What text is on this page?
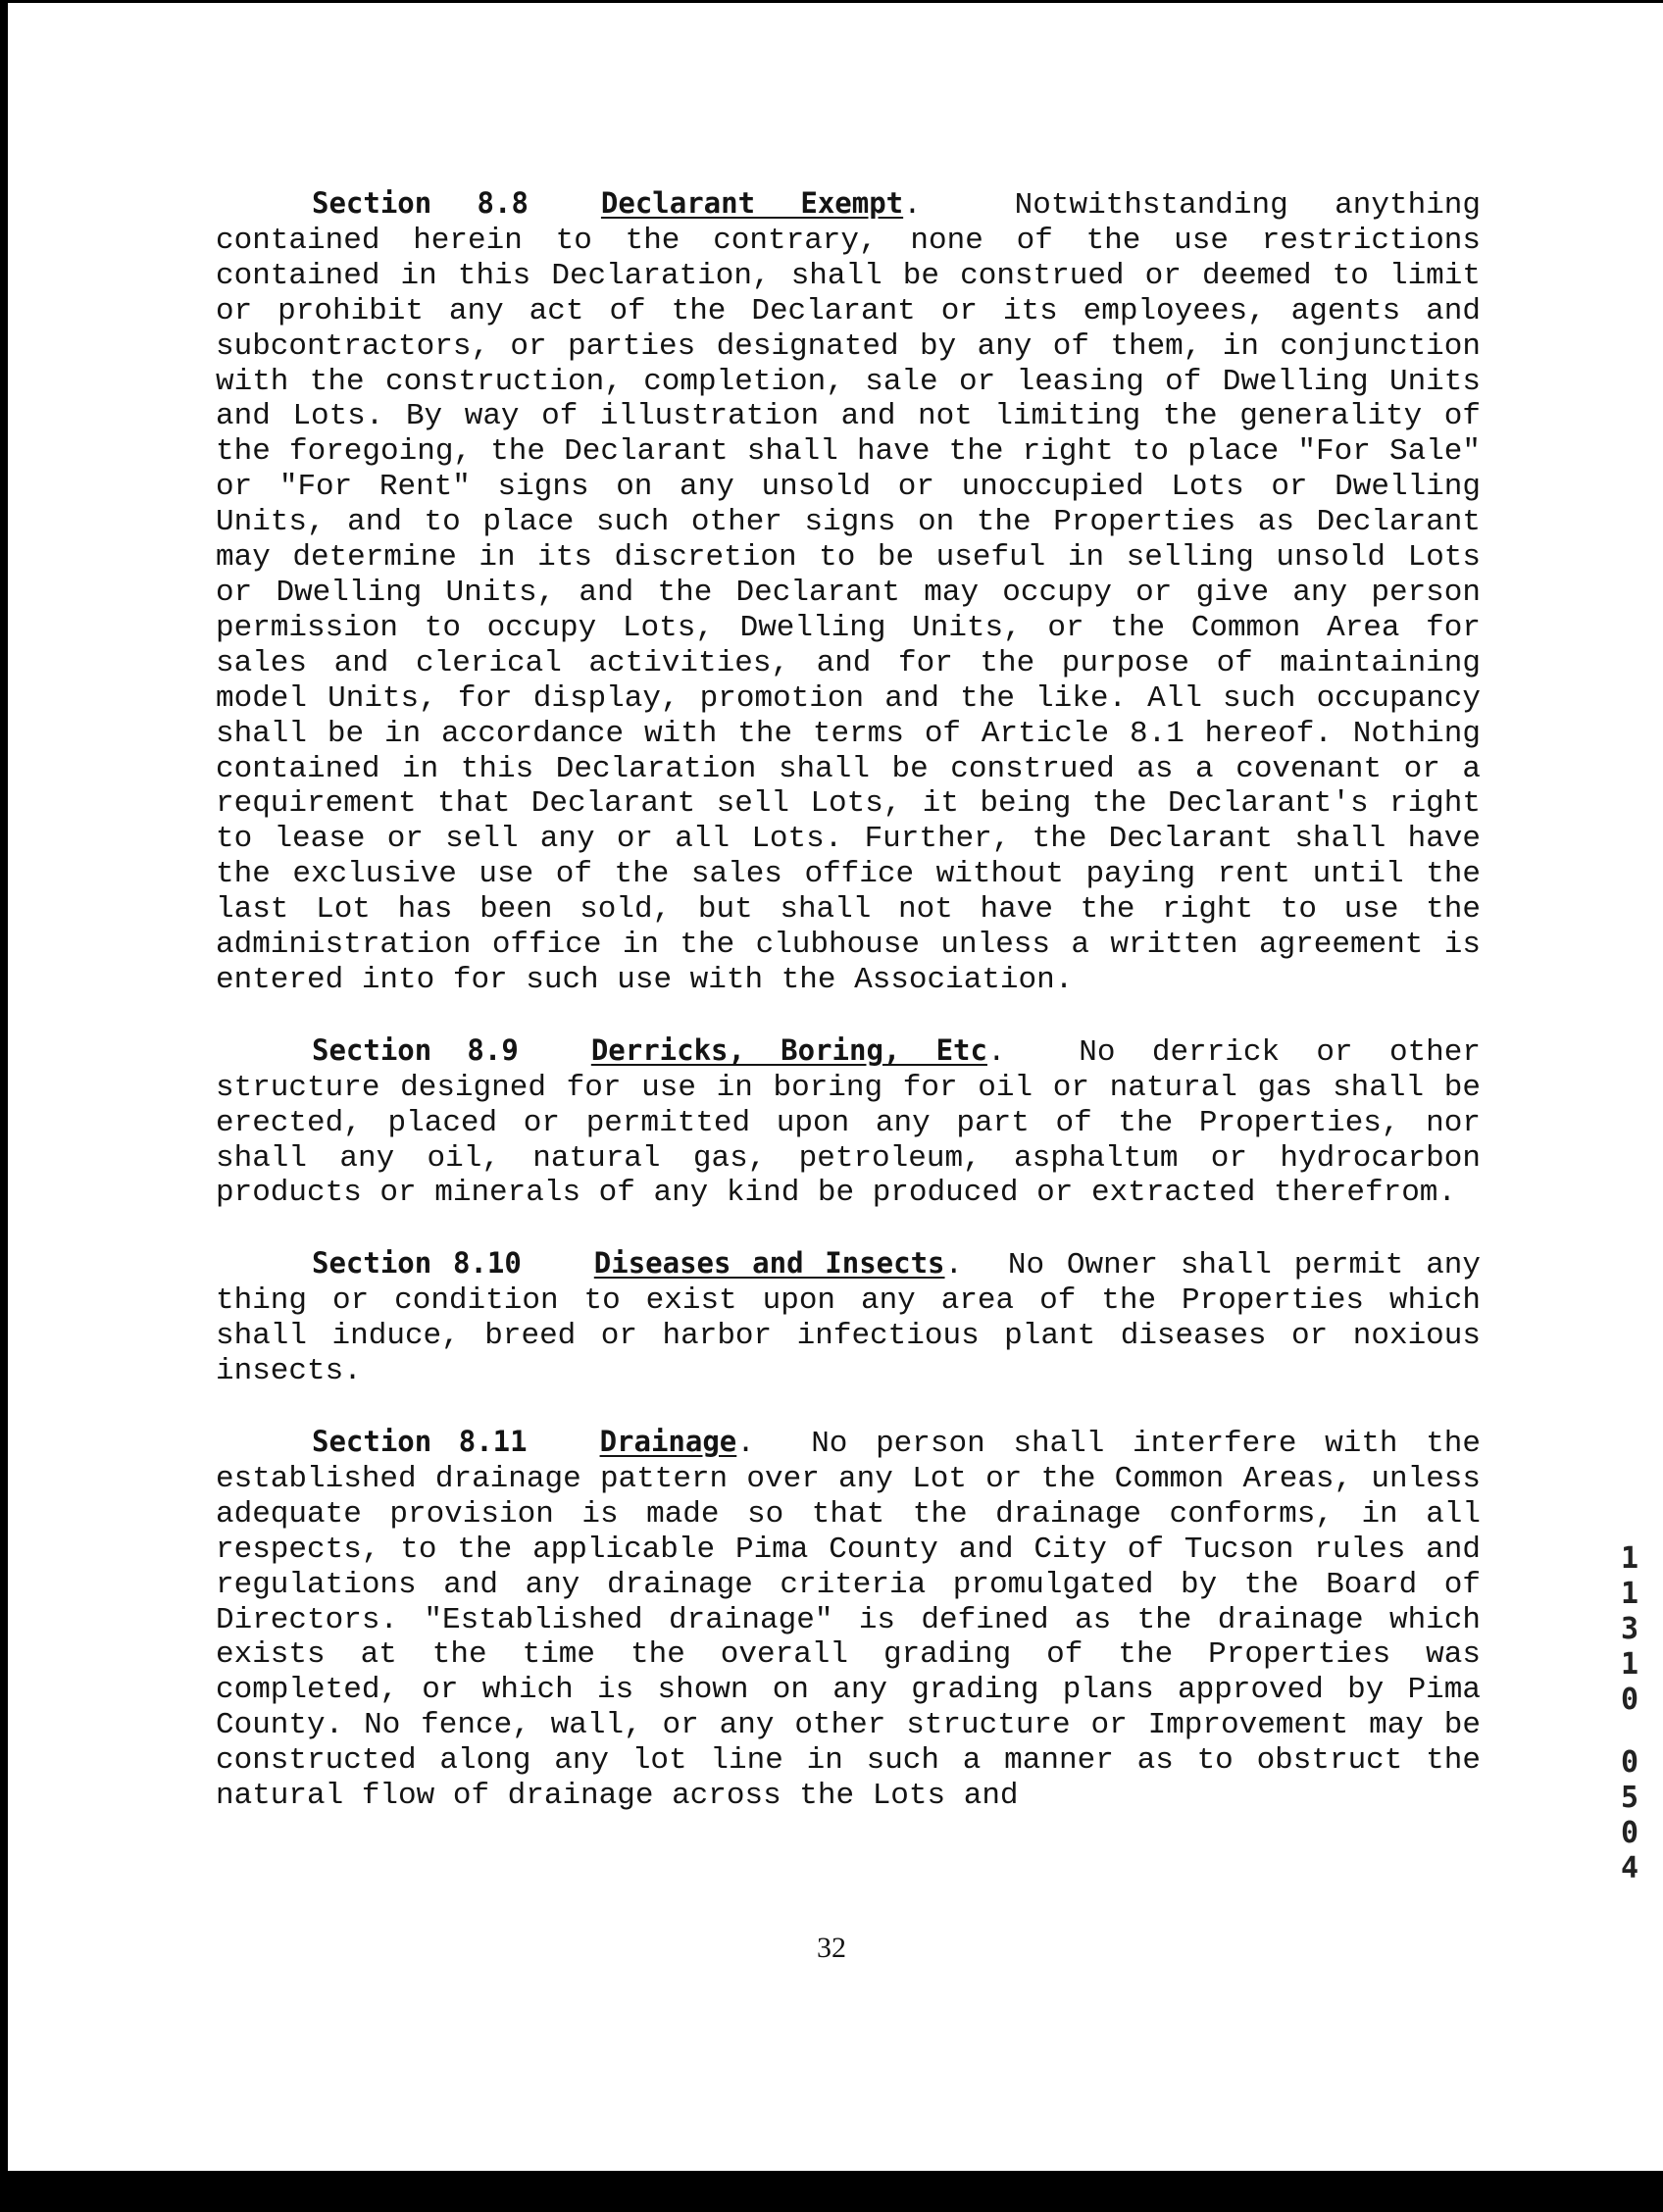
Section 8.8	Declarant Exempt.  Notwithstanding anything contained herein to the contrary, none of the use restrictions contained in this Declaration, shall be construed or deemed to limit or prohibit any act of the Declarant or its employees, agents and subcontractors, or parties designated by any of them, in conjunction with the construction, completion, sale or leasing of Dwelling Units and Lots. By way of illustration and not limiting the generality of the foregoing, the Declarant shall have the right to place "For Sale" or "For Rent" signs on any unsold or unoccupied Lots or Dwelling Units, and to place such other signs on the Properties as Declarant may determine in its discretion to be useful in selling unsold Lots or Dwelling Units, and the Declarant may occupy or give any person permission to occupy Lots, Dwelling Units, or the Common Area for sales and clerical activities, and for the purpose of maintaining model Units, for display, promotion and the like. All such occupancy shall be in accordance with the terms of Article 8.1 hereof. Nothing contained in this Declaration shall be construed as a covenant or a requirement that Declarant sell Lots, it being the Declarant's right to lease or sell any or all Lots. Further, the Declarant shall have the exclusive use of the sales office without paying rent until the last Lot has been sold, but shall not have the right to use the administration office in the clubhouse unless a written agreement is entered into for such use with the Association.

Section 8.9	Derricks, Boring, Etc.  No derrick or other structure designed for use in boring for oil or natural gas shall be erected, placed or permitted upon any part of the Properties, nor shall any oil, natural gas, petroleum, asphaltum or hydrocarbon products or minerals of any kind be produced or extracted therefrom.

Section 8.10	Diseases and Insects.  No Owner shall permit any thing or condition to exist upon any area of the Properties which shall induce, breed or harbor infectious plant diseases or noxious insects.

Section 8.11	Drainage.  No person shall interfere with the established drainage pattern over any Lot or the Common Areas, unless adequate provision is made so that the drainage conforms, in all respects, to the applicable Pima County and City of Tucson rules and regulations and any drainage criteria promulgated by the Board of Directors. "Established drainage" is defined as the drainage which exists at the time the overall grading of the Properties was completed, or which is shown on any grading plans approved by Pima County. No fence, wall, or any other structure or Improvement may be constructed along any lot line in such a manner as to obstruct the natural flow of drainage across the Lots and

1
1
3
1
0
0
5
0
4
32
